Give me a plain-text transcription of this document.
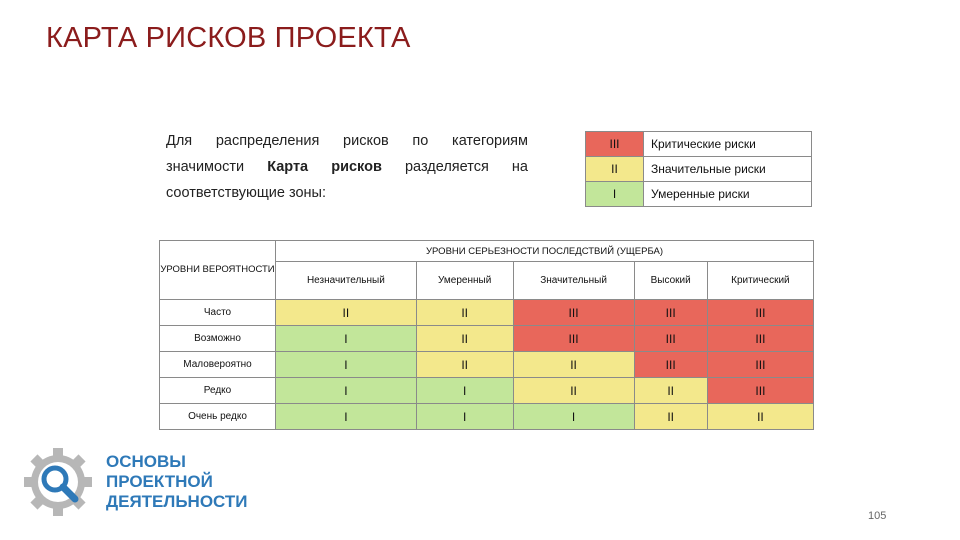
КАРТА РИСКОВ ПРОЕКТА
Для распределения рисков по категориям значимости Карта рисков разделяется на
соответствующие зоны:
III	Критические риски
II	Значительные риски
I	Умеренные риски
УРОВНИ ВЕРОЯТНОСТИ	УРОВНИ СЕРЬЕЗНОСТИ ПОСЛЕДСТВИЙ (УЩЕРБА)				
	Незначительный	Умеренный	Значительный	Высокий	Критический
Часто	II	II	III	III	III
Возможно	I	II	III	III	III
Маловероятно	I	II	II	III	III
Редко	I	I	II	II	III
Очень редко	I	I	I	II	II
ОСНОВЫ
ПРОЕКТНОЙ
ДЕЯТЕЛЬНОСТИ
105
